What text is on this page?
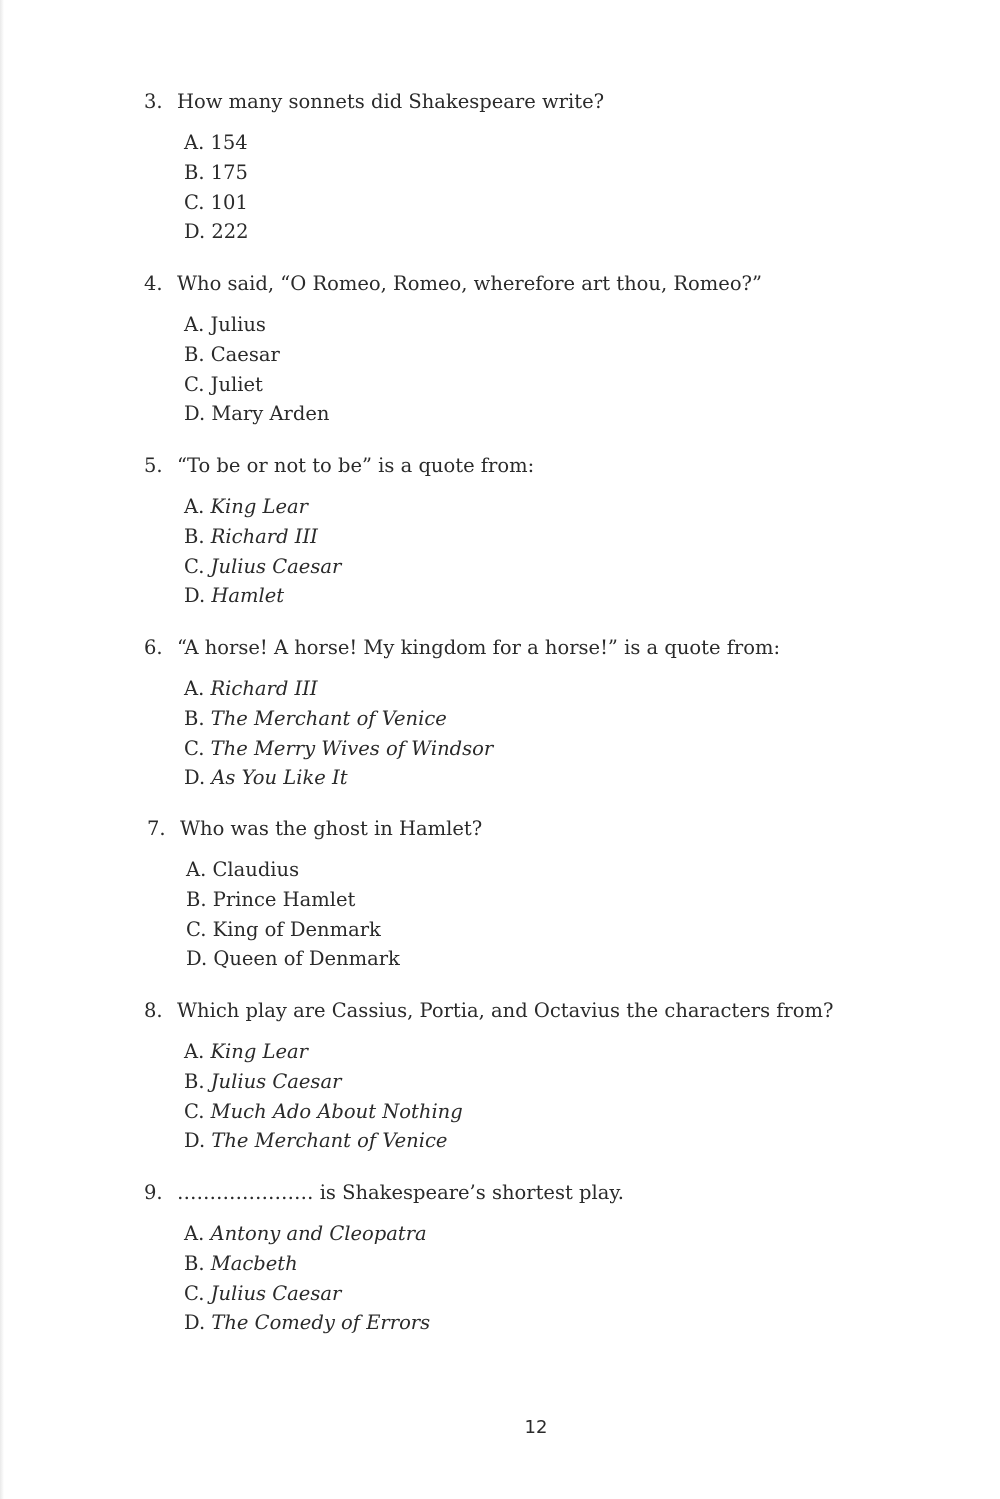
3. How many sonnets did Shakespeare write?
A. 154
B. 175
C. 101
D. 222
4. Who said, “O Romeo, Romeo, wherefore art thou, Romeo?”
A. Julius
B. Caesar
C. Juliet
D. Mary Arden
5. “To be or not to be” is a quote from:
A. King Lear
B. Richard III
C. Julius Caesar
D. Hamlet
6. “A horse! A horse! My kingdom for a horse!” is a quote from:
A. Richard III
B. The Merchant of Venice
C. The Merry Wives of Windsor
D. As You Like It
7. Who was the ghost in Hamlet?
A. Claudius
B. Prince Hamlet
C. King of Denmark
D. Queen of Denmark
8. Which play are Cassius, Portia, and Octavius the characters from?
A. King Lear
B. Julius Caesar
C. Much Ado About Nothing
D. The Merchant of Venice
9. ………………… is Shakespeare’s shortest play.
A. Antony and Cleopatra
B. Macbeth
C. Julius Caesar
D. The Comedy of Errors
12
